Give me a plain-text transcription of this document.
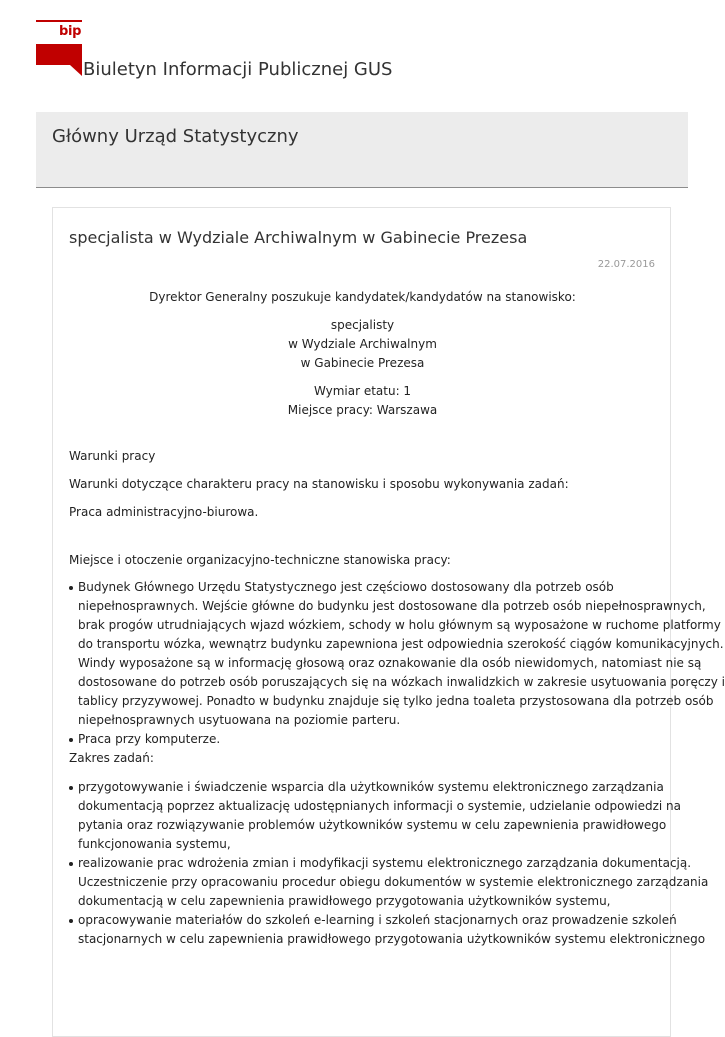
bip
Biuletyn Informacji Publicznej GUS
Główny Urząd Statystyczny
specjalista w Wydziale Archiwalnym w Gabinecie Prezesa
22.07.2016
Dyrektor Generalny poszukuje kandydatek/kandydatów na stanowisko:
specjalisty
w Wydziale Archiwalnym
w Gabinecie Prezesa
Wymiar etatu: 1
Miejsce pracy: Warszawa
Warunki pracy
Warunki dotyczące charakteru pracy na stanowisku i sposobu wykonywania zadań:
Praca administracyjno-biurowa.
Miejsce i otoczenie organizacyjno-techniczne stanowiska pracy:
Budynek Głównego Urzędu Statystycznego jest częściowo dostosowany dla potrzeb osób
niepełnosprawnych. Wejście główne do budynku jest dostosowane dla potrzeb osób niepełnosprawnych,
brak progów utrudniających wjazd wózkiem, schody w holu głównym są wyposażone w ruchome platformy
do transportu wózka, wewnątrz budynku zapewniona jest odpowiednia szerokość ciągów komunikacyjnych.
Windy wyposażone są w informację głosową oraz oznakowanie dla osób niewidomych, natomiast nie są
dostosowane do potrzeb osób poruszających się na wózkach inwalidzkich w zakresie usytuowania poręczy i
tablicy przyzywowej. Ponadto w budynku znajduje się tylko jedna toaleta przystosowana dla potrzeb osób
niepełnosprawnych usytuowana na poziomie parteru.
Praca przy komputerze.
Zakres zadań:
przygotowywanie i świadczenie wsparcia dla użytkowników systemu elektronicznego zarządzania
dokumentacją poprzez aktualizację udostępnianych informacji o systemie, udzielanie odpowiedzi na
pytania oraz rozwiązywanie problemów użytkowników systemu w celu zapewnienia prawidłowego
funkcjonowania systemu,
realizowanie prac wdrożenia zmian i modyfikacji systemu elektronicznego zarządzania dokumentacją.
Uczestniczenie przy opracowaniu procedur obiegu dokumentów w systemie elektronicznego zarządzania
dokumentacją w celu zapewnienia prawidłowego przygotowania użytkowników systemu,
opracowywanie materiałów do szkoleń e-learning i szkoleń stacjonarnych oraz prowadzenie szkoleń
stacjonarnych w celu zapewnienia prawidłowego przygotowania użytkowników systemu elektronicznego
